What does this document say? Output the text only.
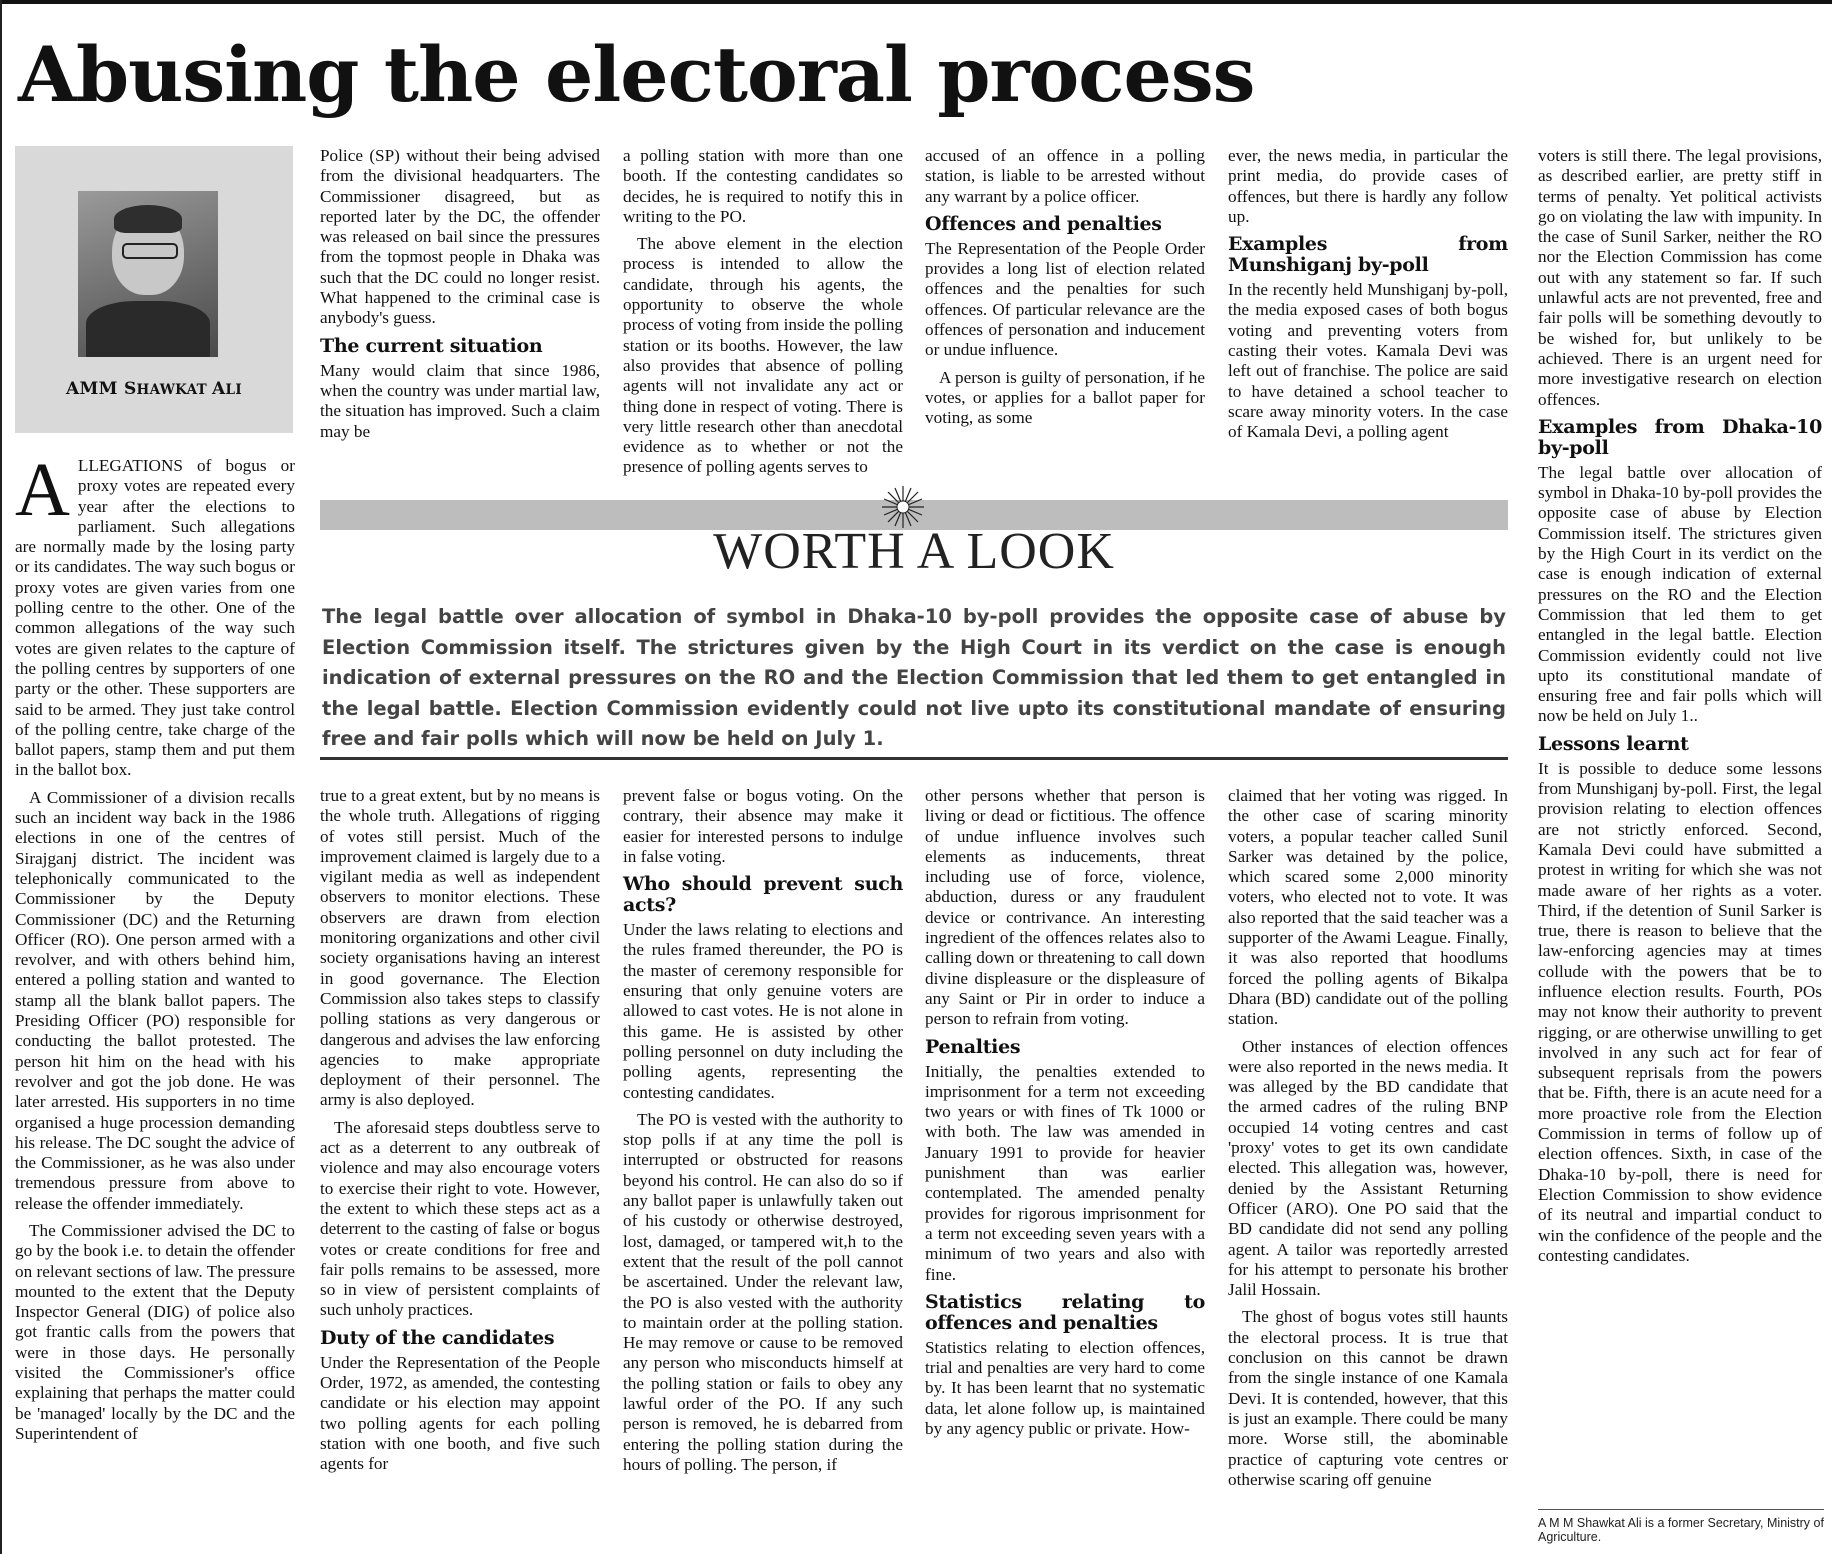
Abusing the electoral process
AMM SHAWKAT ALI

ALLEGATIONS of bogus or proxy votes are repeated every year after the elections to parliament. Such allegations are normally made by the losing party or its candidates. The way such bogus or proxy votes are given varies from one polling centre to the other. One of the common allegations of the way such votes are given relates to the capture of the polling centres by supporters of one party or the other. These supporters are said to be armed. They just take control of the polling centre, take charge of the ballot papers, stamp them and put them in the ballot box.

A Commissioner of a division recalls such an incident way back in the 1986 elections in one of the centres of Sirajganj district. The incident was telephonically communicated to the Commissioner by the Deputy Commissioner (DC) and the Returning Officer (RO). One person armed with a revolver, and with others behind him, entered a polling station and wanted to stamp all the blank ballot papers. The Presiding Officer (PO) responsible for conducting the ballot protested. The person hit him on the head with his revolver and got the job done. He was later arrested. His supporters in no time organised a huge procession demanding his release. The DC sought the advice of the Commissioner, as he was also under tremendous pressure from above to release the offender immediately.

The Commissioner advised the DC to go by the book i.e. to detain the offender on relevant sections of law. The pressure mounted to the extent that the Deputy Inspector General (DIG) of police also got frantic calls from the powers that were in those days. He personally visited the Commissioner's office explaining that perhaps the matter could be 'managed' locally by the DC and the Superintendent of

Police (SP) without their being advised from the divisional headquarters. The Commissioner disagreed, but as reported later by the DC, the offender was released on bail since the pressures from the topmost people in Dhaka was such that the DC could no longer resist. What happened to the criminal case is anybody's guess.

The current situation

Many would claim that since 1986, when the country was under martial law, the situation has improved. Such a claim may be

a polling station with more than one booth. If the contesting candidates so decides, he is required to notify this in writing to the PO.

The above element in the election process is intended to allow the candidate, through his agents, the opportunity to observe the whole process of voting from inside the polling station or its booths. However, the law also provides that absence of polling agents will not invalidate any act or thing done in respect of voting. There is very little research other than anecdotal evidence as to whether or not the presence of polling agents serves to

accused of an offence in a polling station, is liable to be arrested without any warrant by a police officer.

Offences and penalties

The Representation of the People Order provides a long list of election related offences and the penalties for such offences. Of particular relevance are the offences of personation and inducement or undue influence.

A person is guilty of personation, if he votes, or applies for a ballot paper for voting, as some

ever, the news media, in particular the print media, do provide cases of offences, but there is hardly any follow up.

Examples from Munshiganj by-poll

In the recently held Munshiganj by-poll, the media exposed cases of both bogus voting and preventing voters from casting their votes. Kamala Devi was left out of franchise. The police are said to have detained a school teacher to scare away minority voters. In the case of Kamala Devi, a polling agent

WORTH A LOOK
The legal battle over allocation of symbol in Dhaka-10 by-poll provides the opposite case of abuse by Election Commission itself. The strictures given by the High Court in its verdict on the case is enough indication of external pressures on the RO and the Election Commission that led them to get entangled in the legal battle. Election Commission evidently could not live upto its constitutional mandate of ensuring free and fair polls which will now be held on July 1.

true to a great extent, but by no means is the whole truth. Allegations of rigging of votes still persist. Much of the improvement claimed is largely due to a vigilant media as well as independent observers to monitor elections. These observers are drawn from election monitoring organizations and other civil society organisations having an interest in good governance. The Election Commission also takes steps to classify polling stations as very dangerous or dangerous and advises the law enforcing agencies to make appropriate deployment of their personnel. The army is also deployed.

The aforesaid steps doubtless serve to act as a deterrent to any outbreak of violence and may also encourage voters to exercise their right to vote. However, the extent to which these steps act as a deterrent to the casting of false or bogus votes or create conditions for free and fair polls remains to be assessed, more so in view of persistent complaints of such unholy practices.

Duty of the candidates

Under the Representation of the People Order, 1972, as amended, the contesting candidate or his election may appoint two polling agents for each polling station with one booth, and five such agents for

prevent false or bogus voting. On the contrary, their absence may make it easier for interested persons to indulge in false voting.

Who should prevent such acts?

Under the laws relating to elections and the rules framed thereunder, the PO is the master of ceremony responsible for ensuring that only genuine voters are allowed to cast votes. He is not alone in this game. He is assisted by other polling personnel on duty including the polling agents, representing the contesting candidates.

The PO is vested with the authority to stop polls if at any time the poll is interrupted or obstructed for reasons beyond his control. He can also do so if any ballot paper is unlawfully taken out of his custody or otherwise destroyed, lost, damaged, or tampered wit,h to the extent that the result of the poll cannot be ascertained. Under the relevant law, the PO is also vested with the authority to maintain order at the polling station. He may remove or cause to be removed any person who misconducts himself at the polling station or fails to obey any lawful order of the PO. If any such person is removed, he is debarred from entering the polling station during the hours of polling. The person, if

other persons whether that person is living or dead or fictitious. The offence of undue influence involves such elements as inducements, threat including use of force, violence, abduction, duress or any fraudulent device or contrivance. An interesting ingredient of the offences relates also to calling down or threatening to call down divine displeasure or the displeasure of any Saint or Pir in order to induce a person to refrain from voting.

Penalties

Initially, the penalties extended to imprisonment for a term not exceeding two years or with fines of Tk 1000 or with both. The law was amended in January 1991 to provide for heavier punishment than was earlier contemplated. The amended penalty provides for rigorous imprisonment for a term not exceeding seven years with a minimum of two years and also with fine.

Statistics relating to offences and penalties

Statistics relating to election offences, trial and penalties are very hard to come by. It has been learnt that no systematic data, let alone follow up, is maintained by any agency public or private. How-

claimed that her voting was rigged. In the other case of scaring minority voters, a popular teacher called Sunil Sarker was detained by the police, which scared some 2,000 minority voters, who elected not to vote. It was also reported that the said teacher was a supporter of the Awami League. Finally, it was also reported that hoodlums forced the polling agents of Bikalpa Dhara (BD) candidate out of the polling station.

Other instances of election offences were also reported in the news media. It was alleged by the BD candidate that the armed cadres of the ruling BNP occupied 14 voting centres and cast 'proxy' votes to get its own candidate elected. This allegation was, however, denied by the Assistant Returning Officer (ARO). One PO said that the BD candidate did not send any polling agent. A tailor was reportedly arrested for his attempt to personate his brother Jalil Hossain.

The ghost of bogus votes still haunts the electoral process. It is true that conclusion on this cannot be drawn from the single instance of one Kamala Devi. It is contended, however, that this is just an example. There could be many more. Worse still, the abominable practice of capturing vote centres or otherwise scaring off genuine

voters is still there. The legal provisions, as described earlier, are pretty stiff in terms of penalty. Yet political activists go on violating the law with impunity. In the case of Sunil Sarker, neither the RO nor the Election Commission has come out with any statement so far. If such unlawful acts are not prevented, free and fair polls will be something devoutly to be wished for, but unlikely to be achieved. There is an urgent need for more investigative research on election offences.

Examples from Dhaka-10 by-poll

The legal battle over allocation of symbol in Dhaka-10 by-poll provides the opposite case of abuse by Election Commission itself. The strictures given by the High Court in its verdict on the case is enough indication of external pressures on the RO and the Election Commission that led them to get entangled in the legal battle. Election Commission evidently could not live upto its constitutional mandate of ensuring free and fair polls which will now be held on July 1..

Lessons learnt

It is possible to deduce some lessons from Munshiganj by-poll. First, the legal provision relating to election offences are not strictly enforced. Second, Kamala Devi could have submitted a protest in writing for which she was not made aware of her rights as a voter. Third, if the detention of Sunil Sarker is true, there is reason to believe that the law-enforcing agencies may at times collude with the powers that be to influence election results. Fourth, POs may not know their authority to prevent rigging, or are otherwise unwilling to get involved in any such act for fear of subsequent reprisals from the powers that be. Fifth, there is an acute need for a more proactive role from the Election Commission in terms of follow up of election offences. Sixth, in case of the Dhaka-10 by-poll, there is need for Election Commission to show evidence of its neutral and impartial conduct to win the confidence of the people and the contesting candidates.

A M M Shawkat Ali is a former Secretary, Ministry of Agriculture.
